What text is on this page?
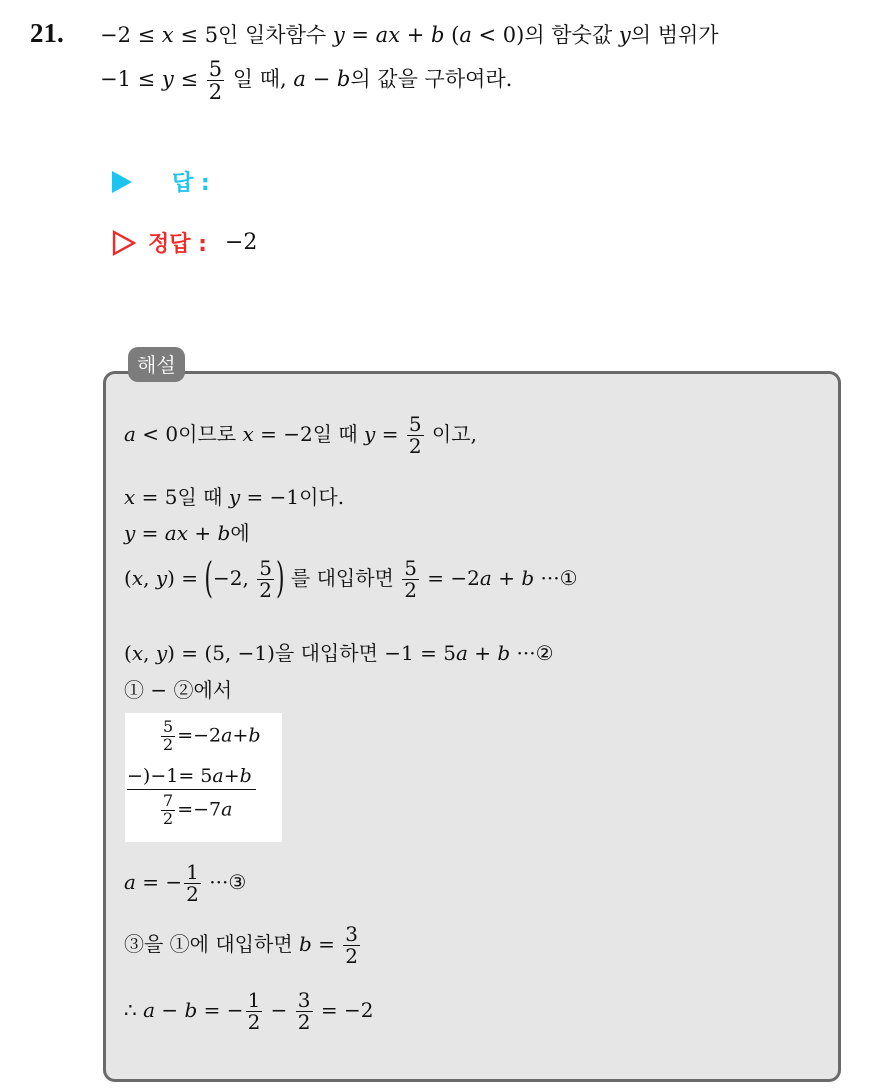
21. −2 ≤ x ≤ 5인 일차함수 y = ax + b (a < 0)의 함숫값 y의 범위가
$-1 \le y \le \frac{5}{2}$ 일 때, a − b의 값을 구하여라.
답 :
정답 : −2
해설
a < 0이므로 x = −2일 때 $y = \frac{5}{2}$ 이고,
x = 5일 때 y = −1이다.
y = ax + b에
(x, y) = (−2, $\frac{5}{2}$ ) 를 대입하면 $\frac{5}{2} = -2a + b$ ···①
(x, y) = (5, −1)을 대입하면 −1 = 5a + b ···②
① − ②에서
$\frac{5}{2} =-2a+b$
−)−1= 5a+b
$\frac{7}{2} =-7a$
a = − $\frac{1}{2}$ ···③
③을 ①에 대입하면 $b = \frac{3}{2}$
∴ a − b = − $\frac{1}{2} - \frac{3}{2} = -2$
